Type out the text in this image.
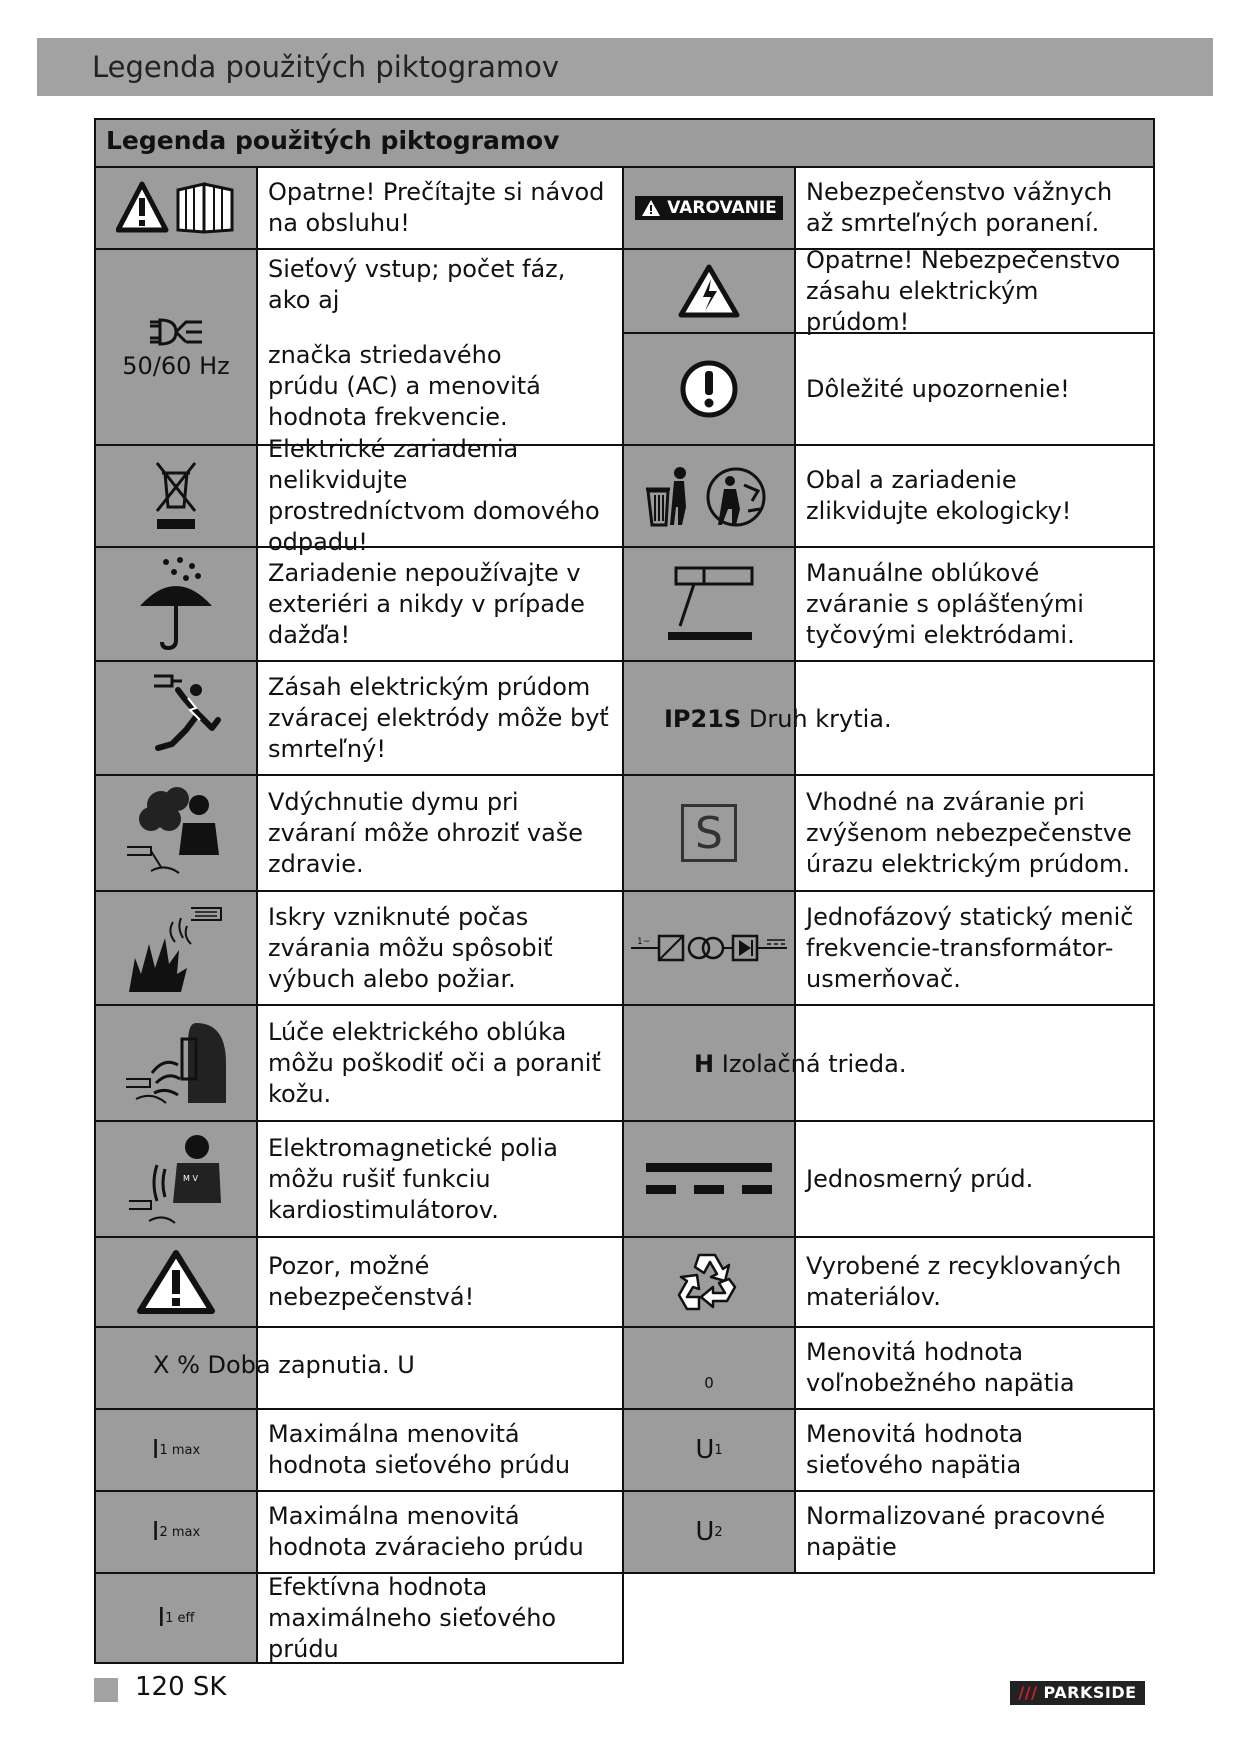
Legenda použitých piktogramov
Legenda použitých piktogramov
Opatrne! Prečítajte si návod na obsluhu!
50/60 Hz
Sieťový vstup; počet fáz, ako aj
značka striedavého prúdu (AC) a menovitá hodnota frekvencie.
Elektrické zariadenia nelikvidujte prostredníctvom domového odpadu!
Zariadenie nepoužívajte v exteriéri a nikdy v prípade dažďa!
Zásah elektrickým prúdom zváracej elektródy môže byť smrteľný!
Vdýchnutie dymu pri zváraní môže ohroziť vaše zdravie.
Iskry vzniknuté počas zvárania môžu spôsobiť výbuch alebo požiar.
Lúče elektrického oblúka môžu poškodiť oči a poraniť kožu.
M V
Elektromagnetické polia môžu rušiť funkciu kardiostimulátorov.
Pozor, možné nebezpečenstvá!
I 1 max
Maximálna menovitá hodnota sieťového prúdu
I 2 max
Maximálna menovitá hodnota zváracieho prúdu
I 1 eff
Efektívna hodnota maximálneho sieťového prúdu
VAROVANIE
Nebezpečenstvo vážnych až smrteľných poranení.
Opatrne! Nebezpečenstvo zásahu elektrickým prúdom!
Dôležité upozornenie!
Obal a zariadenie zlikvidujte ekologicky!
Manuálne oblúkové zváranie s oplášťenými tyčovými elektródami.
S
Vhodné na zváranie pri zvýšenom nebezpečenstve úrazu elektrickým prúdom.
1~
Jednofázový statický menič frekvencie-transformátor-usmerňovač.
Jednosmerný prúd.
Vyrobené z recyklovaných materiálov.
0
Menovitá hodnota voľnobežného napätia
U 1
Menovitá hodnota sieťového napätia
U 2
Normalizované pracovné napätie
X % Doba zapnutia. U
IP21S Druh krytia.
H Izolačná trieda.
120 SK	/// PARKSIDE
